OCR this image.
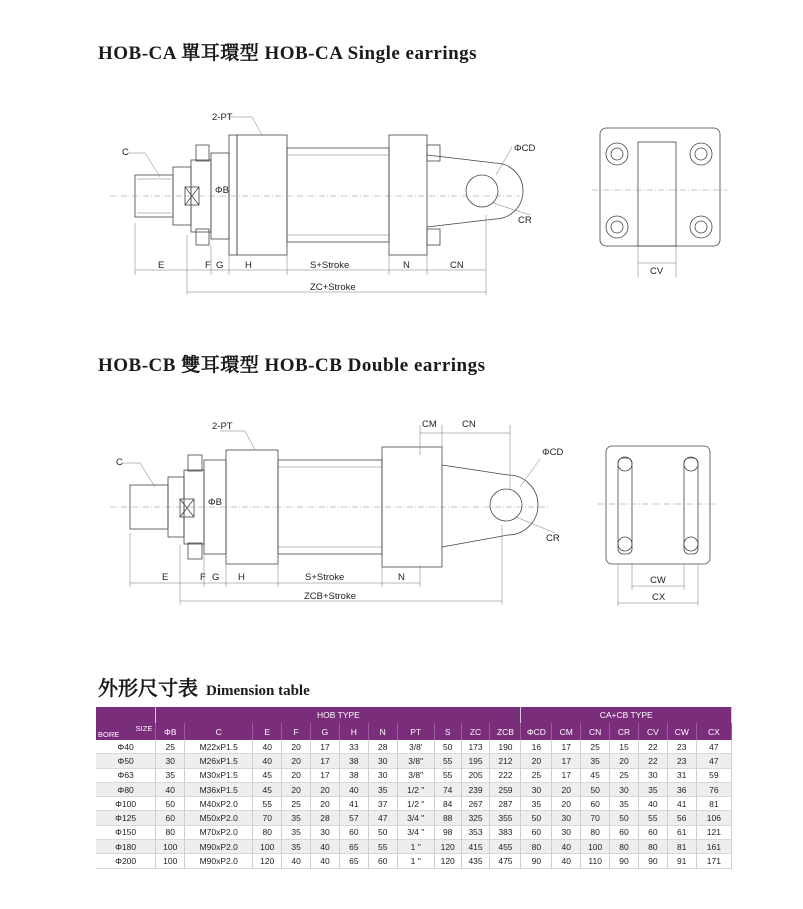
HOB-CA 單耳環型 HOB-CA Single earrings
HOB-CB 雙耳環型 HOB-CB Double earrings
2-PT
C
ΦB
ΦCD
CR
E	F G H	S+Stroke	N	CN
ZC+Stroke
CV
2-PT
C
ΦB
CM	CN
ΦCD
CR
E	F G H	S+Stroke	N
ZCB+Stroke
CW
CX
外形尺寸表 Dimension table
	HOB TYPE											CA+CB TYPE						

SIZE
BORE	ΦB	C	E	F	G	H	N	PT	S	ZC	ZCB	ΦCD	CM	CN	CR	CV	CW	CX
Φ40	25	M22xP1.5	40	20	17	33	28	3/8'	50	173	190	16	17	25	15	22	23	47
Φ50	30	M26xP1.5	40	20	17	38	30	3/8"	55	195	212	20	17	35	20	22	23	47
Φ63	35	M30xP1.5	45	20	17	38	30	3/8"	55	205	222	25	17	45	25	30	31	59
Φ80	40	M36xP1.5	45	20	20	40	35	1/2 "	74	239	259	30	20	50	30	35	36	76
Φ100	50	M40xP2.0	55	25	20	41	37	1/2 "	84	267	287	35	20	60	35	40	41	81
Φ125	60	M50xP2.0	70	35	28	57	47	3/4 "	88	325	355	50	30	70	50	55	56	106
Φ150	80	M70xP2.0	80	35	30	60	50	3/4 "	98	353	383	60	30	80	60	60	61	121
Φ180	100	M90xP2.0	100	35	40	65	55	1 "	120	415	455	80	40	100	80	80	81	161
Φ200	100	M90xP2.0	120	40	40	65	60	1 "	120	435	475	90	40	110	90	90	91	171
